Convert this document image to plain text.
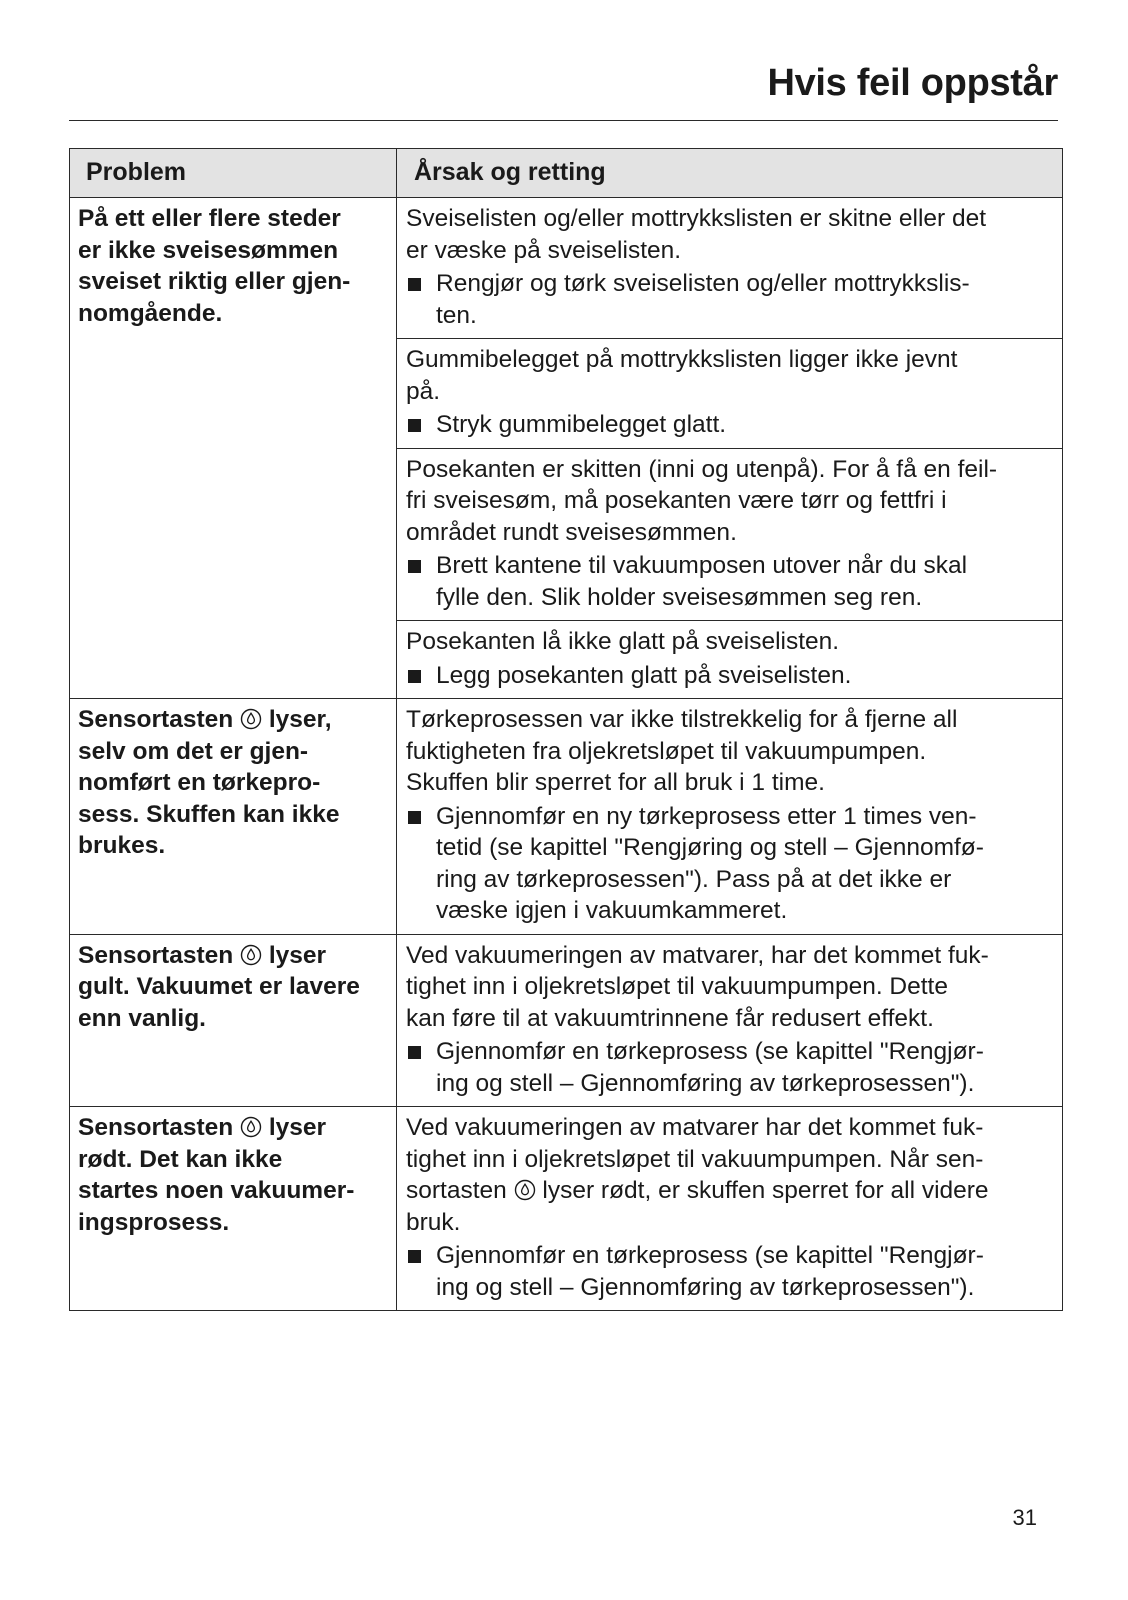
Hvis feil oppstår
Problem	Årsak og retting
På ett eller flere steder
er ikke sveisesømmen
sveiset riktig eller gjen-
nomgående.
Sveiselisten og/eller mottrykkslisten er skitne eller det
er væske på sveiselisten.
Rengjør og tørk sveiselisten og/eller mottrykkslis-
ten.
Gummibelegget på mottrykkslisten ligger ikke jevnt
på.
Stryk gummibelegget glatt.
Posekanten er skitten (inni og utenpå). For å få en feil-
fri sveisesøm, må posekanten være tørr og fettfri i
området rundt sveisesømmen.
Brett kantene til vakuumposen utover når du skal
fylle den. Slik holder sveisesømmen seg ren.
Posekanten lå ikke glatt på sveiselisten.
Legg posekanten glatt på sveiselisten.
Sensortasten  lyser,
selv om det er gjen-
nomført en tørkepro-
sess. Skuffen kan ikke
brukes.
Tørkeprosessen var ikke tilstrekkelig for å fjerne all
fuktigheten fra oljekretsløpet til vakuumpumpen.
Skuffen blir sperret for all bruk i 1 time.
Gjennomfør en ny tørkeprosess etter 1 times ven-
tetid (se kapittel "Rengjøring og stell – Gjennomfø-
ring av tørkeprosessen"). Pass på at det ikke er
væske igjen i vakuumkammeret.
Sensortasten  lyser
gult. Vakuumet er lavere
enn vanlig.
Ved vakuumeringen av matvarer, har det kommet fuk-
tighet inn i oljekretsløpet til vakuumpumpen. Dette
kan føre til at vakuumtrinnene får redusert effekt.
Gjennomfør en tørkeprosess (se kapittel "Rengjør-
ing og stell – Gjennomføring av tørkeprosessen").
Sensortasten  lyser
rødt. Det kan ikke
startes noen vakuumer-
ingsprosess.
Ved vakuumeringen av matvarer har det kommet fuk-
tighet inn i oljekretsløpet til vakuumpumpen. Når sen-
sortasten  lyser rødt, er skuffen sperret for all videre
bruk.
Gjennomfør en tørkeprosess (se kapittel "Rengjør-
ing og stell – Gjennomføring av tørkeprosessen").
31
